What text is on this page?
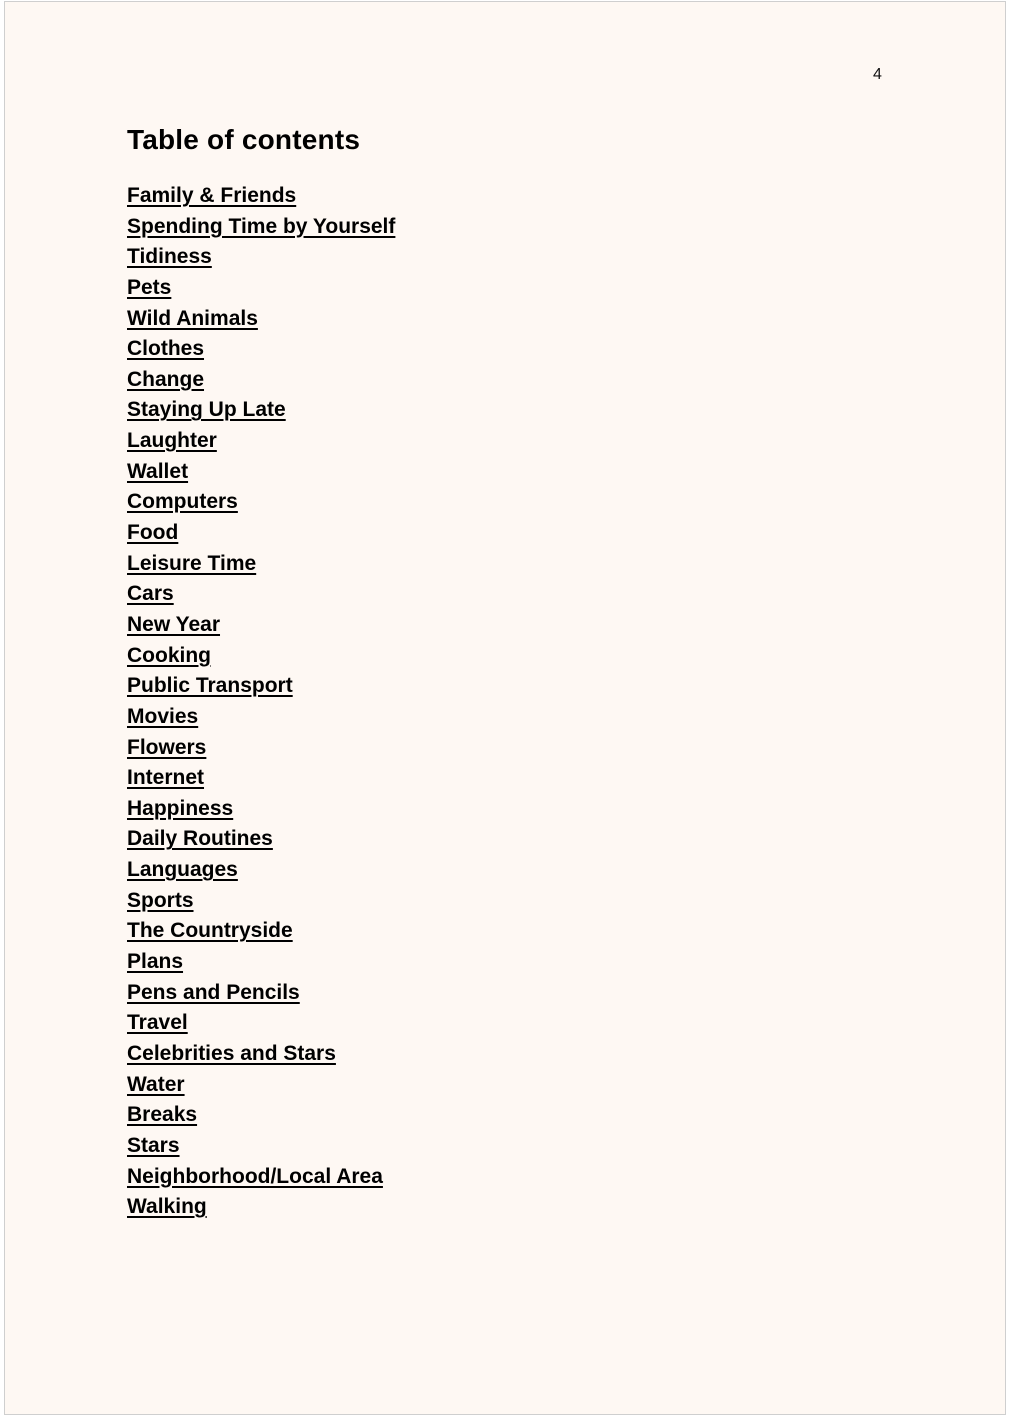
4
Table of contents
Family & Friends
Spending Time by Yourself
Tidiness
Pets
Wild Animals
Clothes
Change
Staying Up Late
Laughter
Wallet
Computers
Food
Leisure Time
Cars
New Year
Cooking
Public Transport
Movies
Flowers
Internet
Happiness
Daily Routines
Languages
Sports
The Countryside
Plans
Pens and Pencils
Travel
Celebrities and Stars
Water
Breaks
Stars
Neighborhood/Local Area
Walking
